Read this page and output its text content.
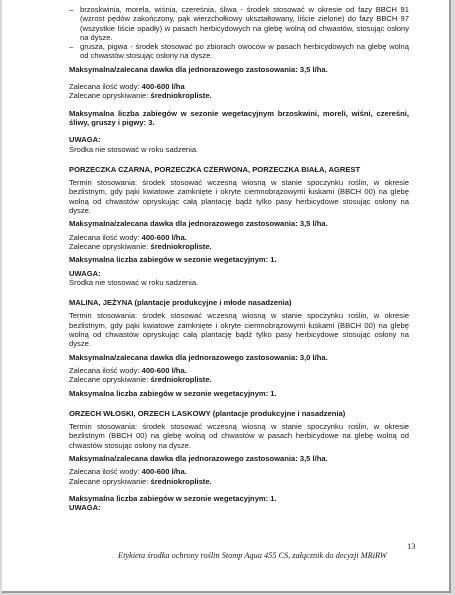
– brzoskwinia, morela, wiśnia, czereśnia, śliwa - środek stosować w okresie od fazy BBCH 91 (wzrost pędów zakończony, pąk wierzchołkowy ukształtowany, liście zielone) do fazy BBCH 97 (wszystkie liście opadły) w pasach herbicydowych na glebę wolną od chwastów, stosując osłony na dysze.
– grusza, pigwa - środek stosować po zbiorach owoców w pasach herbicydowych na glebę wolną od chwastów stosując osłony na dysze.

Maksymalna/zalecana dawka dla jednorazowego zastosowania: 3,5 l/ha.

Zalecana ilość wody: 400-600 l/ha

Zalecane opryskiwanie: średniokropliste.

Maksymalna liczba zabiegów w sezonie wegetacyjnym brzoskwini, moreli, wiśni, czereśni, śliwy, gruszy i pigwy: 3.

UWAGA:

Środka nie stosować w roku sadzenia.

PORZECZKA CZARNA, PORZECZKA CZERWONA, PORZECZKA BIAŁA, AGREST

Termin stosowania: środek stosować wczesną wiosną w stanie spoczynku roślin, w okresie bezlistnym, gdy pąki kwiatowe zamknięte i okryte ciemnobrązowymi łuskami (BBCH 00) na glebę wolną od chwastów opryskując całą plantację bądź tylko pasy herbicydowe stosując osłony na dysze.

Maksymalna/zalecana dawka dla jednorazowego zastosowania: 3,5 l/ha.

Zalecana ilość wody: 400-600 l/ha.

Zalecane opryskiwanie: średniokropliste.

Maksymalna liczba zabiegów w sezonie wegetacyjnym: 1.

UWAGA:

Środka nie stosować w roku sadzenia.

MALINA, JEŻYNA (plantacje produkcyjne i młode nasadzenia)

Termin stosowania: środek stosować wczesną wiosną w stanie spoczynku roślin, w okresie bezlistnym, gdy pąki kwiatowe zamknięte i okryte ciemnobrązowymi łuskami (BBCH 00) na glebę wolną od chwastów opryskując całą plantację bądź tylko pasy herbicydowe stosując osłony na dysze.

Maksymalna/zalecana dawka dla jednorazowego zastosowania: 3,0 l/ha.

Zalecana ilość wody: 400-600 l/ha.

Zalecane opryskiwanie: średniokropliste.

Maksymalna liczba zabiegów w sezonie wegetacyjnym: 1.

ORZECH WŁOSKI, ORZECH LASKOWY (plantacje produkcyjne i nasadzenia)

Termin stosowania: środek stosować wczesną wiosną w stanie spoczynku roślin, w okresie bezlistnym (BBCH 00) na glebę wolną od chwastów w pasach herbicydowe na glebę wolną od chwastów stosując osłony na dysze.

Maksymalna/zalecana dawka dla jednorazowego zastosowania: 3,5 l/ha.

Zalecana ilość wody: 400-600 l/ha.

Zalecane opryskiwanie: średniokropliste.

Maksymalna liczba zabiegów w sezonie wegetacyjnym: 1.

UWAGA:

13
Etykieta środka ochrony roślin Stomp Aqua 455 CS, załącznik do decyzji MRiRW
